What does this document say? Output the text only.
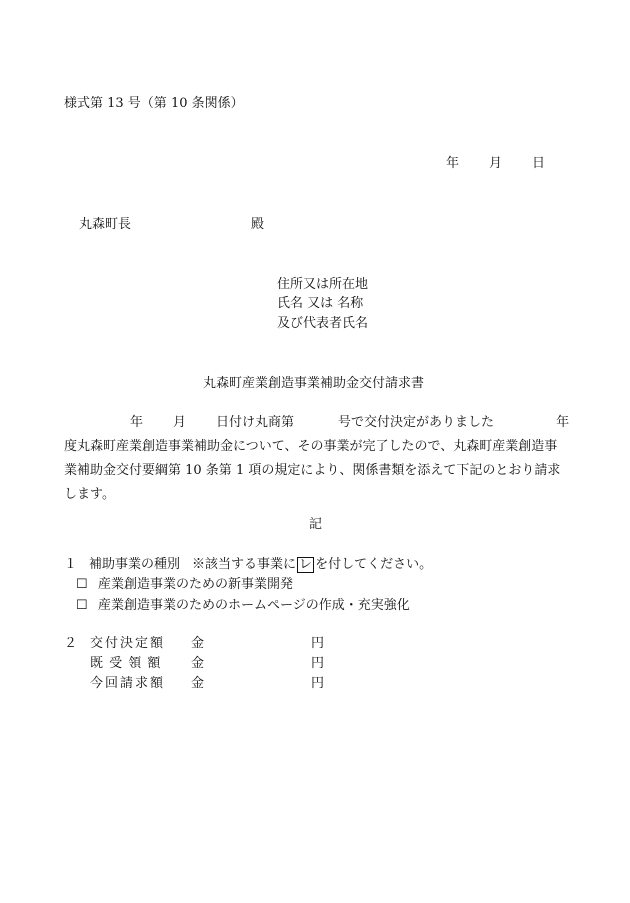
様式第 13 号（第 10 条関係）
年 月 日
丸森町長	殿
住所又は所在地
氏名 又は 名称
及び代表者氏名
丸森町産業創造事業補助金交付請求書
年 月 日付け丸商第	号で交付決定がありました	年
度丸森町産業創造事業補助金について、その事業が完了したので、丸森町産業創造事
業補助金交付要綱第 10 条第 1 項の規定により、関係書類を添えて下記のとおり請求
します。
記
１ 補助事業の種別 ※該当する事業に レ を付してください。
☐ 産業創造事業のための新事業開発
☐ 産業創造事業のためのホームページの作成・充実強化
２ 交付決定額 金	円
既 受 領 額 金	円
今回請求額 金	円
